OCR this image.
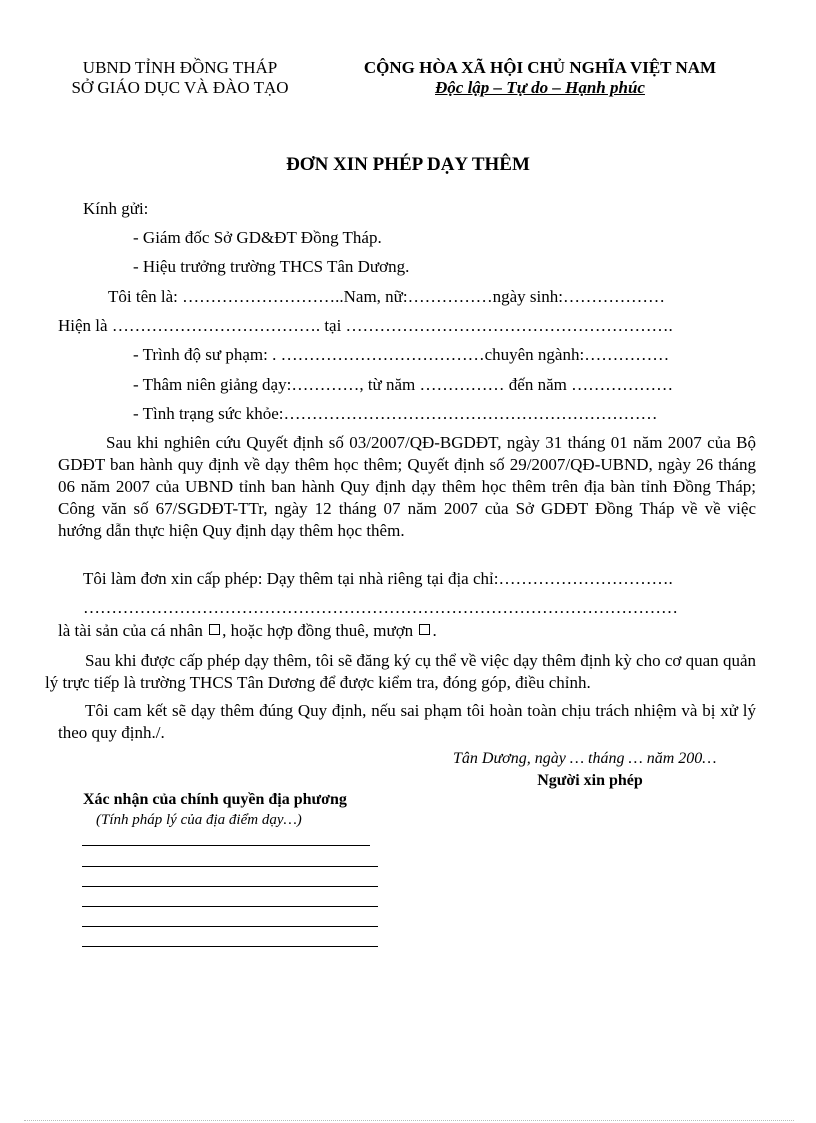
UBND TỈNH ĐỒNG THÁP
SỞ GIÁO DỤC VÀ ĐÀO TẠO
CỘNG HÒA XÃ HỘI CHỦ NGHĨA VIỆT NAM
Độc lập – Tự do – Hạnh phúc
ĐƠN XIN PHÉP DẠY THÊM
Kính gửi:
- Giám đốc Sở GD&ĐT Đồng Tháp.
- Hiệu trưởng trường THCS Tân Dương.
Tôi tên là: ………………………..Nam, nữ:……………ngày sinh:………………
Hiện là ………………………………. tại ………………………………………………….
- Trình độ sư phạm: . ………………………………chuyên ngành:……………
- Thâm niên giảng dạy:…………, từ năm …………… đến năm ………………
- Tình trạng sức khỏe:…………………………………………………………
Sau khi nghiên cứu Quyết định số 03/2007/QĐ-BGDĐT, ngày 31 tháng 01 năm 2007 của Bộ GDĐT ban hành quy định về dạy thêm học thêm; Quyết định số 29/2007/QĐ-UBND, ngày 26 tháng 06 năm 2007 của UBND tỉnh ban hành Quy định dạy thêm học thêm trên địa bàn tỉnh Đồng Tháp; Công văn số 67/SGDĐT-TTr, ngày 12 tháng 07 năm 2007 của Sở GDĐT Đồng Tháp về về việc hướng dẫn thực hiện Quy định dạy thêm học thêm.
Tôi làm đơn xin cấp phép: Dạy thêm tại nhà riêng tại địa chỉ:………………………….
……………………………………………………………………………………………
là tài sản của cá nhân , hoặc hợp đồng thuê, mượn .
Sau khi được cấp phép dạy thêm, tôi sẽ đăng ký cụ thể về việc dạy thêm định kỳ cho cơ quan quản lý trực tiếp là trường THCS Tân Dương để được kiểm tra, đóng góp, điều chỉnh.
Tôi cam kết sẽ dạy thêm đúng Quy định, nếu sai phạm tôi hoàn toàn chịu trách nhiệm và bị xử lý theo quy định./.
Tân Dương, ngày … tháng … năm 200…
Người xin phép
Xác nhận của chính quyền địa phương
(Tính pháp lý của địa điểm dạy…)
